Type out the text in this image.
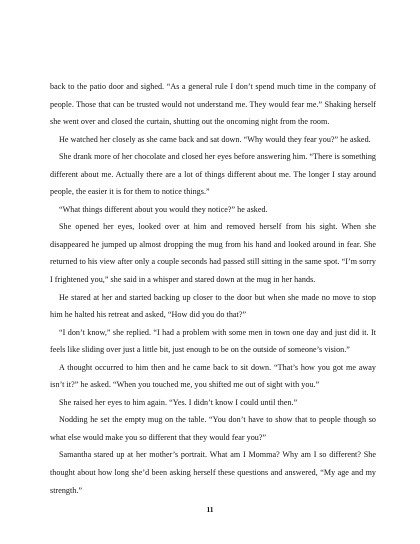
back to the patio door and sighed. “As a general rule I don’t spend much time in the company of people. Those that can be trusted would not understand me. They would fear me.” Shaking herself she went over and closed the curtain, shutting out the oncoming night from the room.

He watched her closely as she came back and sat down. “Why would they fear you?” he asked.

She drank more of her chocolate and closed her eyes before answering him. “There is something different about me. Actually there are a lot of things different about me. The longer I stay around people, the easier it is for them to notice things.”

“What things different about you would they notice?” he asked.

She opened her eyes, looked over at him and removed herself from his sight. When she disappeared he jumped up almost dropping the mug from his hand and looked around in fear. She returned to his view after only a couple seconds had passed still sitting in the same spot. “I’m sorry I frightened you,” she said in a whisper and stared down at the mug in her hands.

He stared at her and started backing up closer to the door but when she made no move to stop him he halted his retreat and asked, “How did you do that?”

“I don’t know,” she replied. “I had a problem with some men in town one day and just did it. It feels like sliding over just a little bit, just enough to be on the outside of someone’s vision.”

A thought occurred to him then and he came back to sit down. “That’s how you got me away isn’t it?” he asked. “When you touched me, you shifted me out of sight with you.”

She raised her eyes to him again. “Yes. I didn’t know I could until then.”

Nodding he set the empty mug on the table. “You don’t have to show that to people though so what else would make you so different that they would fear you?”

Samantha stared up at her mother’s portrait. What am I Momma? Why am I so different? She thought about how long she’d been asking herself these questions and answered, “My age and my strength.”

11
